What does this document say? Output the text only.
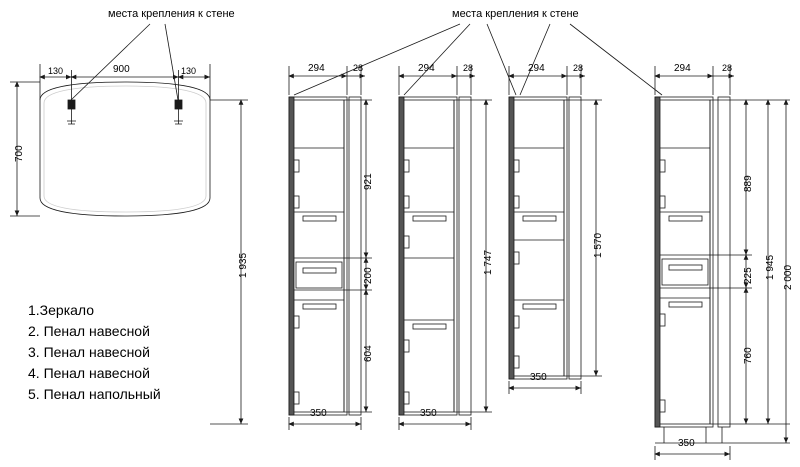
места крепления к стене	места крепления к стене
900
130	130
700
1 935
294	28
350
921
200
604
294	28
350
1 747
294	28
350
1 570
294	28
350
889
225
760
1 945 2 000
1.Зеркало
2. Пенал навесной
3. Пенал навесной
4. Пенал навесной
5. Пенал напольный
